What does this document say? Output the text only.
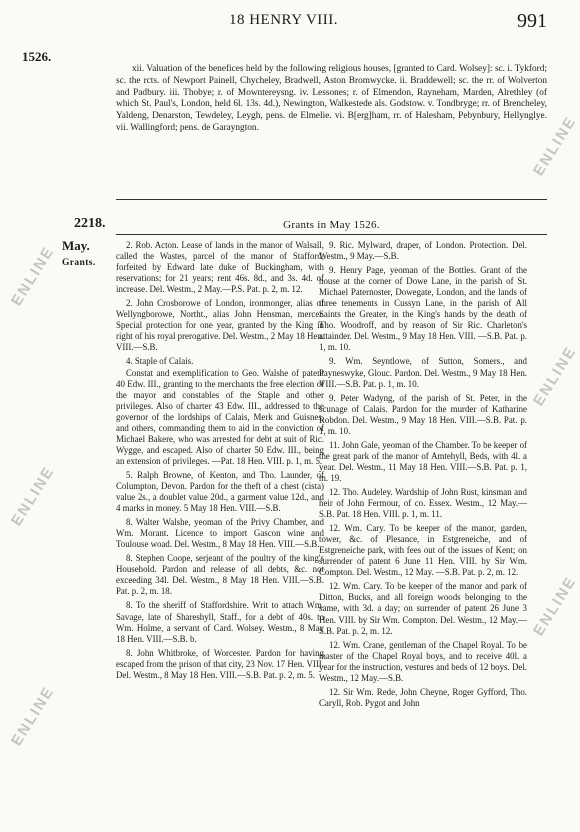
18 HENRY VIII.	991
1526.

xii. Valuation of the benefices held by the following religious houses, [granted to Card. Wolsey]: sc. i. Tykford; sc. the rcts. of Newport Painell, Chycheley, Bradwell, Aston Bromwycke. ii. Braddewell; sc. the rr. of Wolverton and Padbury. iii. Thobye; r. of Mowntereysng. iv. Lessones; r. of Elmendon, Rayneham, Marden, Alrethley (of which St. Paul's, London, held 6l. 13s. 4d.), Newington, Walkestede als. Godstow. v. Tondbryge; rr. of Brencheley, Yaldeng, Denarston, Tewdeley, Leygh, pens. de Elmelie. vi. B[erg]ham, rr. of Halesham, Pebynbury, Hellynglye. vii. Wallingford; pens. de Garayngton.

2218.	Grants in May 1526.
May.
Grants.

2. Rob. Acton. Lease of lands in the manor of Walsall, called the Wastes, parcel of the manor of Stafford, forfeited by Edward late duke of Buckingham, with reservations; for 21 years; rent 46s. 8d., and 3s. 4d. of increase. Del. Westm., 2 May.—P.S. Pat. p. 2, m. 12.

2. John Crosborowe of London, ironmonger, alias of Wellyngborowe, Northt., alias John Hensman, mercer. Special protection for one year, granted by the King in right of his royal prerogative. Del. Westm., 2 May 18 Hen. VIII.—S.B.

4. Staple of Calais.

Constat and exemplification to Geo. Walshe of patent 40 Edw. III., granting to the merchants the free election of the mayor and constables of the Staple and other privileges. Also of charter 43 Edw. III., addressed to the governor of the lordships of Calais, Merk and Guisnes, and others, commanding them to aid in the conviction of Michael Bakere, who was arrested for debt at suit of Ric. Wygge, and escaped. Also of charter 50 Edw. III., being an extension of privileges. —Pat. 18 Hen. VIII. p. 1, m. 5.

5. Ralph Browne, of Kenton, and Tho. Launder, of Columpton, Devon. Pardon for the theft of a chest (cista) value 2s., a doublet value 20d., a garment value 12d., and 4 marks in money. 5 May 18 Hen. VIII.—S.B.

8. Walter Walshe, yeoman of the Privy Chamber, and Wm. Morant. Licence to import Gascon wine and Toulouse woad. Del. Westm., 8 May 18 Hen. VIII.—S.B.

8. Stephen Coope, serjeant of the poultry of the king's Household. Pardon and release of all debts, &c. not exceeding 34l. Del. Westm., 8 May 18 Hen. VIII.—S.B. Pat. p. 2, m. 18.

8. To the sheriff of Staffordshire. Writ to attach Wm. Savage, late of Shareshyll, Staff., for a debt of 40s. to Wm. Holme, a servant of Card. Wolsey. Westm., 8 May 18 Hen. VIII.—S.B. b.

8. John Whitbroke, of Worcester. Pardon for having escaped from the prison of that city, 23 Nov. 17 Hen. VIII. Del. Westm., 8 May 18 Hen. VIII.—S.B. Pat. p. 2, m. 5.

9. Ric. Mylward, draper, of London. Protection. Del. Westm., 9 May.—S.B.

9. Henry Page, yeoman of the Bottles. Grant of the house at the corner of Dowe Lane, in the parish of St. Michael Paternoster, Dowegate, London, and the lands of three tenements in Cussyn Lane, in the parish of All Saints the Greater, in the King's hands by the death of Tho. Woodroff, and by reason of Sir Ric. Charleton's attainder. Del. Westm., 9 May 18 Hen. VIII. —S.B. Pat. p. 1, m. 10.

9. Wm. Seyntlowe, of Sutton, Somers., and Payneswyke, Glouc. Pardon. Del. Westm., 9 May 18 Hen. VIII.—S.B. Pat. p. 1, m. 10.

9. Peter Wadyng, of the parish of St. Peter, in the scunage of Calais. Pardon for the murder of Katharine Robdon. Del. Westm., 9 May 18 Hen. VIII.—S.B. Pat. p. 1, m. 10.

11. John Gale, yeoman of the Chamber. To be keeper of the great park of the manor of Amtehyll, Beds, with 4l. a year. Del. Westm., 11 May 18 Hen. VIII.—S.B. Pat. p. 1, m. 19.

12. Tho. Audeley. Wardship of John Rust, kinsman and heir of John Fermour, of co. Essex. Westm., 12 May.—S.B. Pat. 18 Hen. VIII. p. 1, m. 11.

12. Wm. Cary. To be keeper of the manor, garden, tower, &c. of Plesance, in Estgreneiche, and of Estgreneiche park, with fees out of the issues of Kent; on surrender of patent 6 June 11 Hen. VIII. by Sir Wm. Compton. Del. Westm., 12 May. —S.B. Pat. p. 2, m. 12.

12. Wm. Cary. To be keeper of the manor and park of Ditton, Bucks, and all foreign woods belonging to the same, with 3d. a day; on surrender of patent 26 June 3 Hen. VIII. by Sir Wm. Compton. Del. Westm., 12 May.—S.B. Pat. p. 2, m. 12.

12. Wm. Crane, gentleman of the Chapel Royal. To be master of the Chapel Royal boys, and to receive 40l. a year for the instruction, vestures and beds of 12 boys. Del. Westm., 12 May.—S.B.

12. Sir Wm. Rede, John Cheyne, Roger Gyfford, Tho. Caryll, Rob. Pygot and John

ENLINE
ENLINE
ENLINE
ENLINE
ENLINE
ENLINE
